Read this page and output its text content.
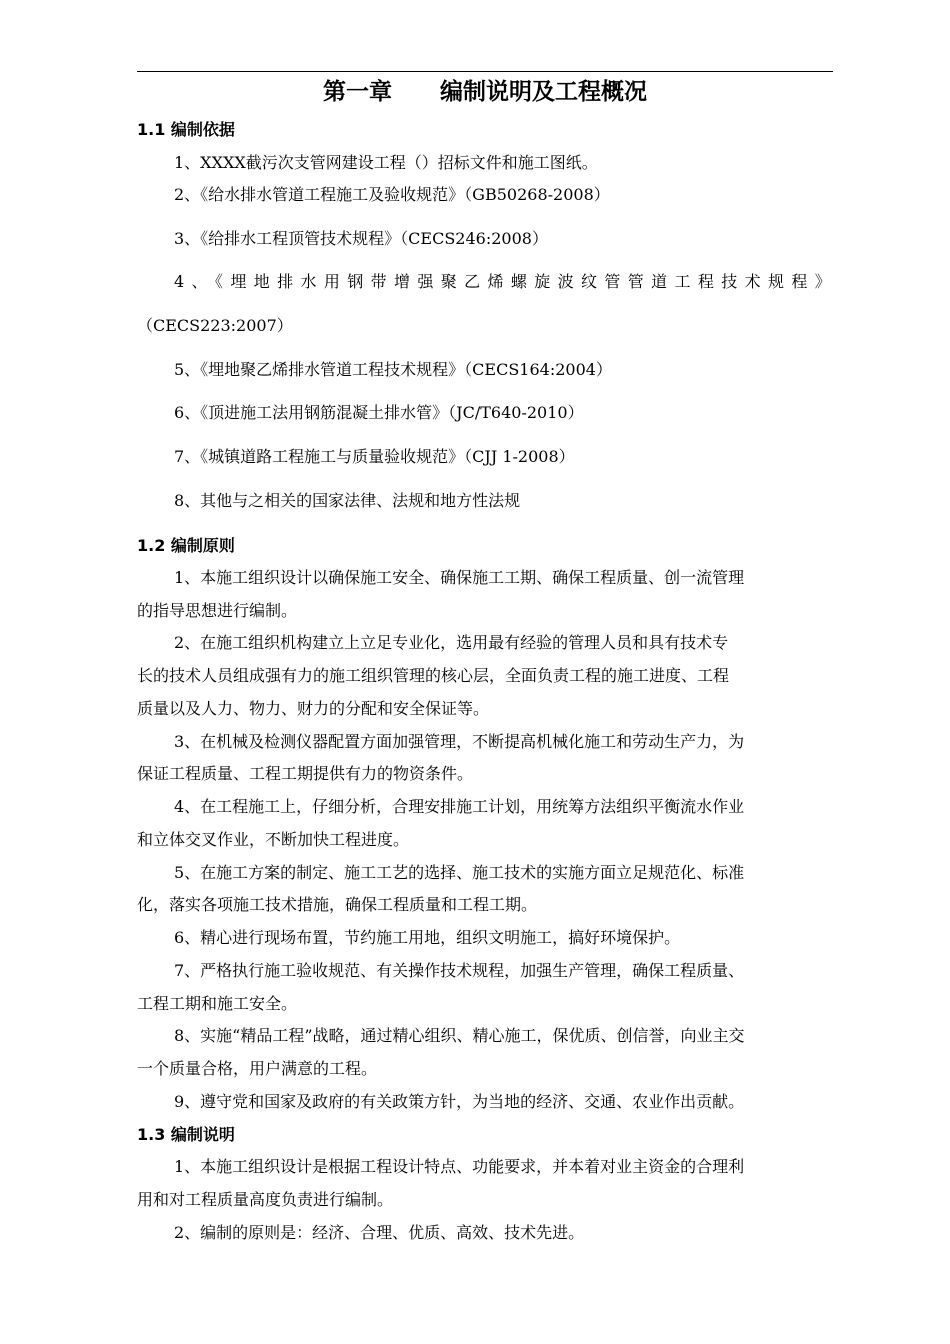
第一章      编制说明及工程概况
1.1 编制依据
1、XXXX截污次支管网建设工程（）招标文件和施工图纸。
2、《给水排水管道工程施工及验收规范》（GB50268-2008）
3、《给排水工程顶管技术规程》（CECS246:2008）
4、《埋地排水用钢带增强聚乙烯螺旋波纹管管道工程技术规程》
（CECS223:2007）
5、《埋地聚乙烯排水管道工程技术规程》（CECS164:2004）
6、《顶进施工法用钢筋混凝土排水管》（JC/T640-2010）
7、《城镇道路工程施工与质量验收规范》（CJJ 1-2008）
8、其他与之相关的国家法律、法规和地方性法规
1.2 编制原则
1、本施工组织设计以确保施工安全、确保施工工期、确保工程质量、创一流管理
的指导思想进行编制。
2、在施工组织机构建立上立足专业化，选用最有经验的管理人员和具有技术专
长的技术人员组成强有力的施工组织管理的核心层，全面负责工程的施工进度、工程
质量以及人力、物力、财力的分配和安全保证等。
3、在机械及检测仪器配置方面加强管理，不断提高机械化施工和劳动生产力，为
保证工程质量、工程工期提供有力的物资条件。
4、在工程施工上，仔细分析，合理安排施工计划，用统筹方法组织平衡流水作业
和立体交叉作业，不断加快工程进度。
5、在施工方案的制定、施工工艺的选择、施工技术的实施方面立足规范化、标准
化，落实各项施工技术措施，确保工程质量和工程工期。
6、精心进行现场布置，节约施工用地，组织文明施工，搞好环境保护。
7、严格执行施工验收规范、有关操作技术规程，加强生产管理，确保工程质量、
工程工期和施工安全。
8、实施“精品工程”战略，通过精心组织、精心施工，保优质、创信誉，向业主交
一个质量合格，用户满意的工程。
9、遵守党和国家及政府的有关政策方针，为当地的经济、交通、农业作出贡献。
1.3 编制说明
1、本施工组织设计是根据工程设计特点、功能要求，并本着对业主资金的合理利
用和对工程质量高度负责进行编制。
2、编制的原则是：经济、合理、优质、高效、技术先进。
